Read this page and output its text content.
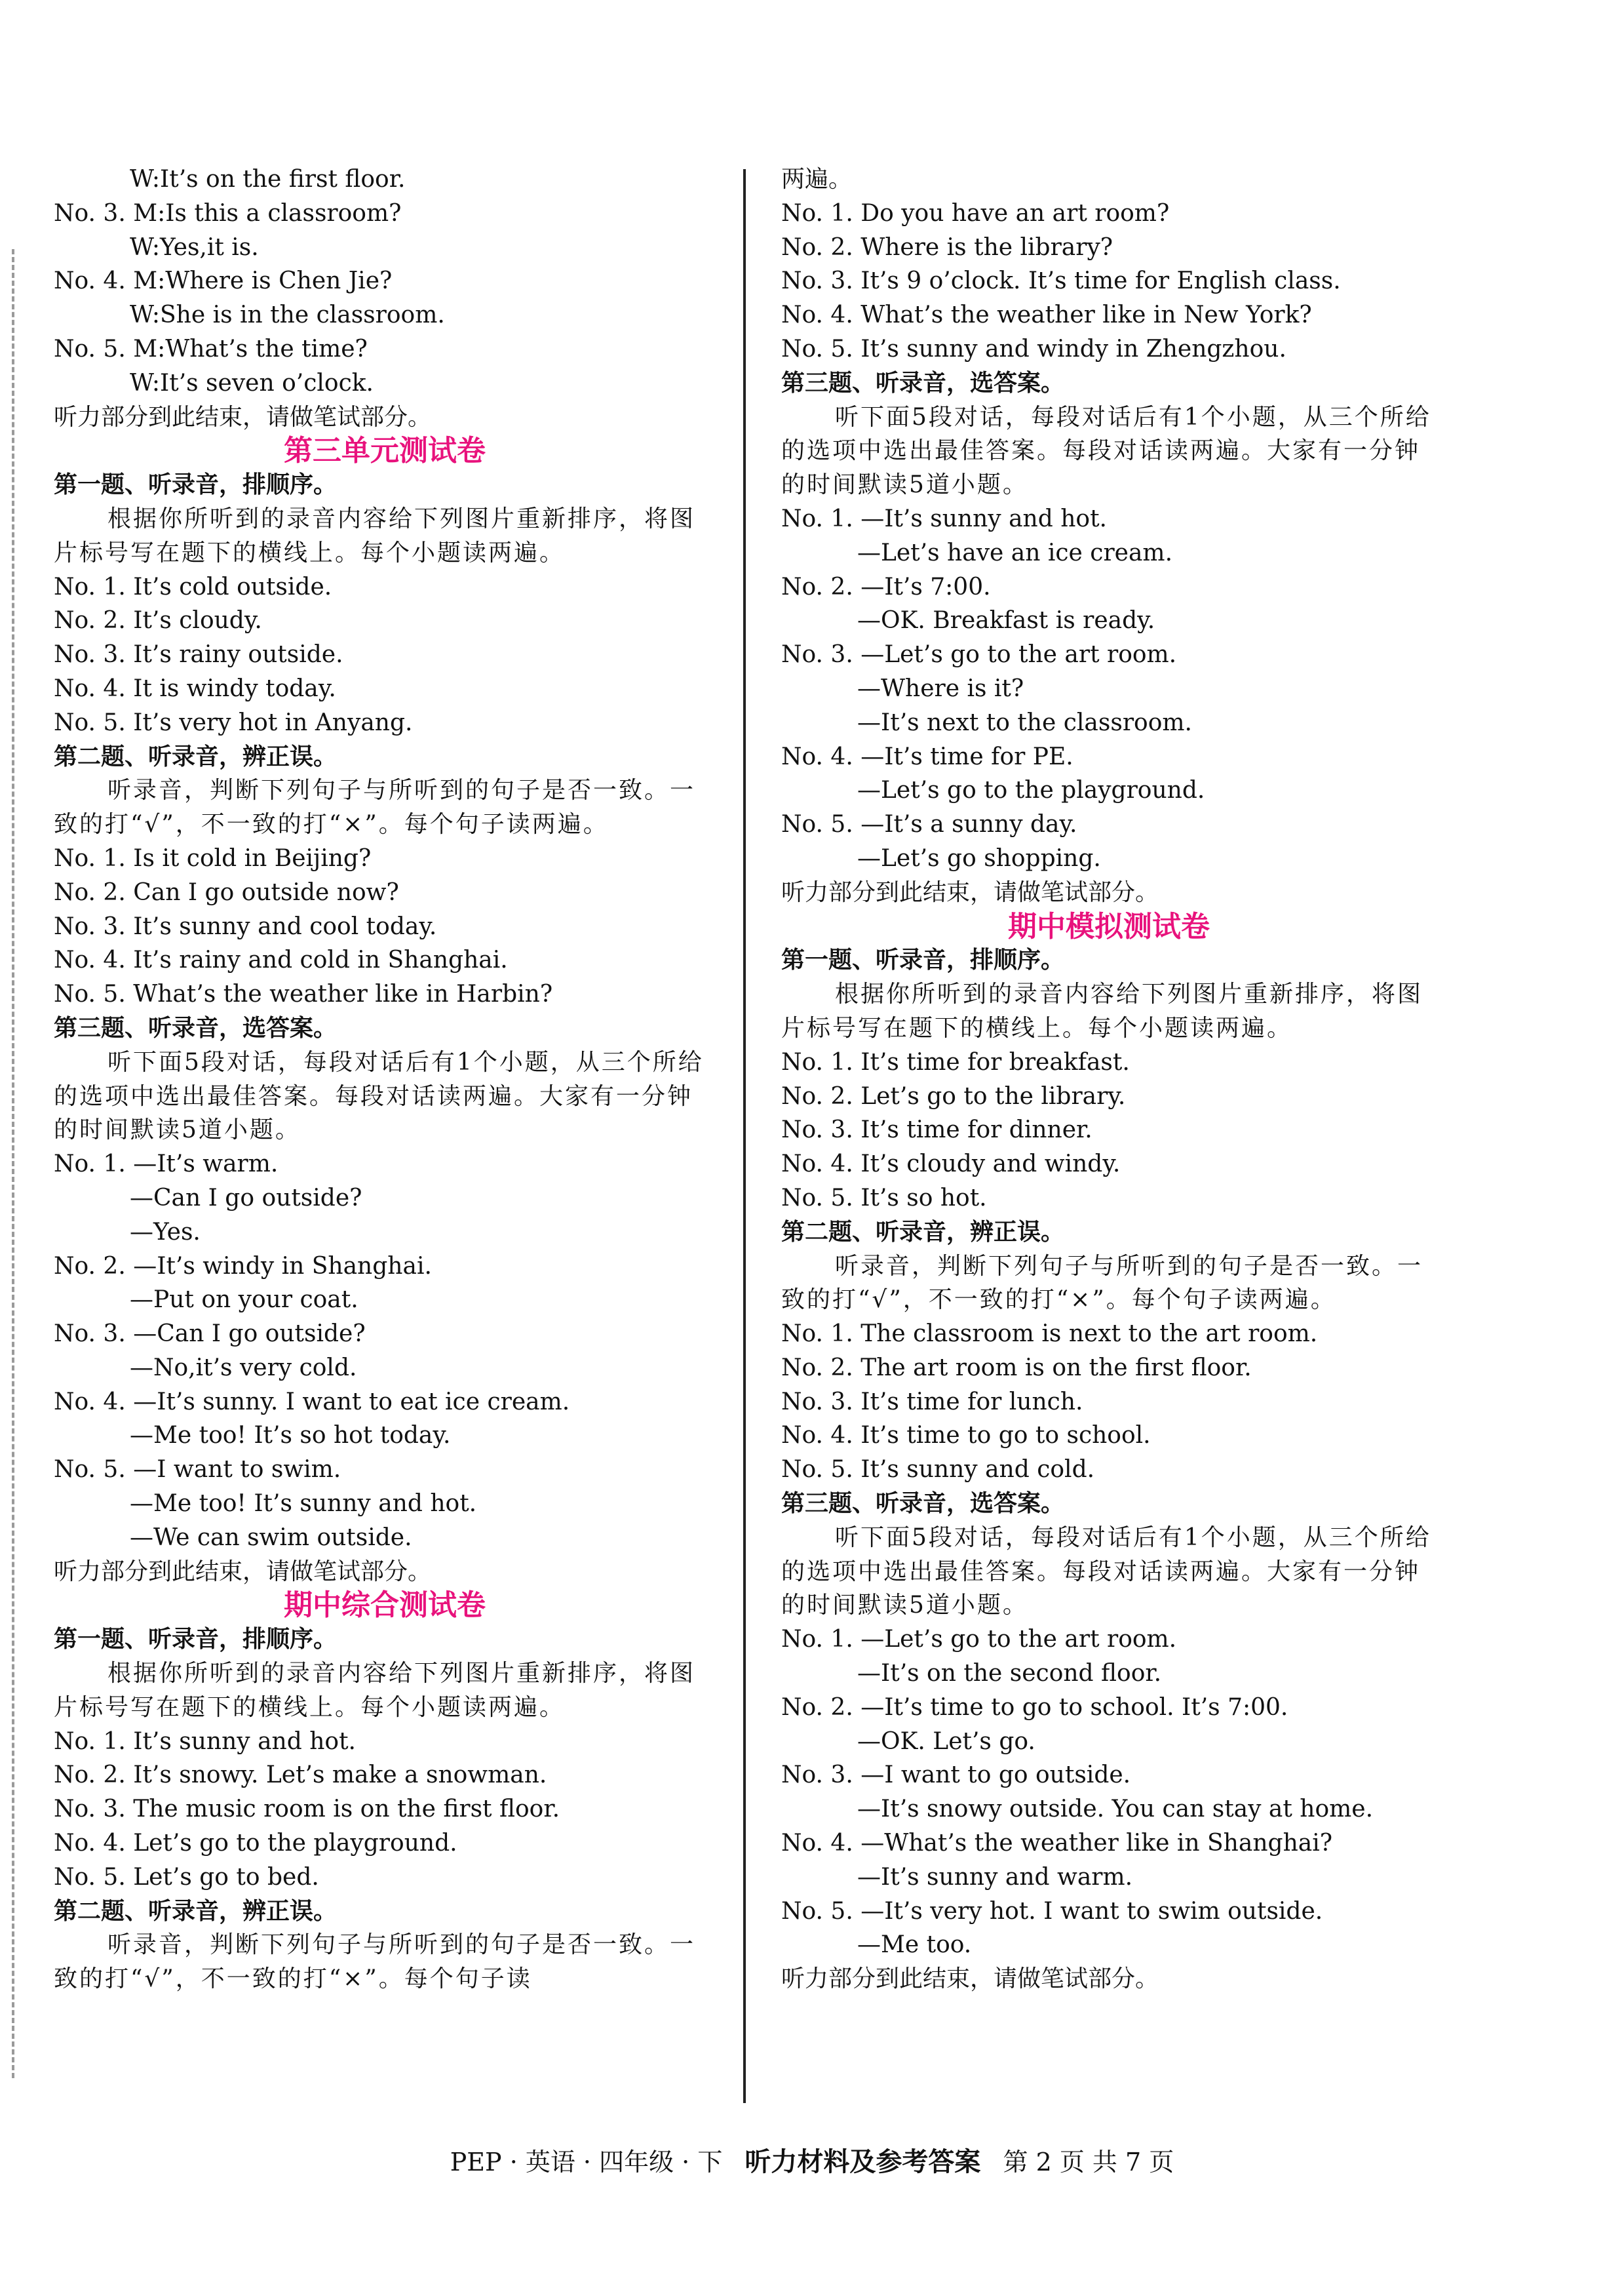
W:It’s on the first floor.
No. 3. M:Is this a classroom?
W:Yes,it is.
No. 4. M:Where is Chen Jie?
W:She is in the classroom.
No. 5. M:What’s the time?
W:It’s seven o’clock.
听力部分到此结束，请做笔试部分。
第三单元测试卷
第一题、听录音，排顺序。
根据你所听到的录音内容给下列图片重新排序，将图片标号写在题下的横线上。每个小题读两遍。
No. 1. It’s cold outside.
No. 2. It’s cloudy.
No. 3. It’s rainy outside.
No. 4. It is windy today.
No. 5. It’s very hot in Anyang.
第二题、听录音，辨正误。
听录音，判断下列句子与所听到的句子是否一致。一致的打“√”，不一致的打“×”。每个句子读两遍。
No. 1. Is it cold in Beijing?
No. 2. Can I go outside now?
No. 3. It’s sunny and cool today.
No. 4. It’s rainy and cold in Shanghai.
No. 5. What’s the weather like in Harbin?
第三题、听录音，选答案。
听下面5段对话，每段对话后有1个小题，从三个所给的选项中选出最佳答案。每段对话读两遍。大家有一分钟的时间默读5道小题。
No. 1. —It’s warm.
—Can I go outside?
—Yes.
No. 2. —It’s windy in Shanghai.
—Put on your coat.
No. 3. —Can I go outside?
—No,it’s very cold.
No. 4. —It’s sunny. I want to eat ice cream.
—Me too! It’s so hot today.
No. 5. —I want to swim.
—Me too! It’s sunny and hot.
—We can swim outside.
听力部分到此结束，请做笔试部分。
期中综合测试卷
第一题、听录音，排顺序。
根据你所听到的录音内容给下列图片重新排序，将图片标号写在题下的横线上。每个小题读两遍。
No. 1. It’s sunny and hot.
No. 2. It’s snowy. Let’s make a snowman.
No. 3. The music room is on the first floor.
No. 4. Let’s go to the playground.
No. 5. Let’s go to bed.
第二题、听录音，辨正误。
听录音，判断下列句子与所听到的句子是否一致。一致的打“√”，不一致的打“×”。每个句子读
两遍。
No. 1. Do you have an art room?
No. 2. Where is the library?
No. 3. It’s 9 o’clock. It’s time for English class.
No. 4. What’s the weather like in New York?
No. 5. It’s sunny and windy in Zhengzhou.
第三题、听录音，选答案。
听下面5段对话，每段对话后有1个小题，从三个所给的选项中选出最佳答案。每段对话读两遍。大家有一分钟的时间默读5道小题。
No. 1. —It’s sunny and hot.
—Let’s have an ice cream.
No. 2. —It’s 7:00.
—OK. Breakfast is ready.
No. 3. —Let’s go to the art room.
—Where is it?
—It’s next to the classroom.
No. 4. —It’s time for PE.
—Let’s go to the playground.
No. 5. —It’s a sunny day.
—Let’s go shopping.
听力部分到此结束，请做笔试部分。
期中模拟测试卷
第一题、听录音，排顺序。
根据你所听到的录音内容给下列图片重新排序，将图片标号写在题下的横线上。每个小题读两遍。
No. 1. It’s time for breakfast.
No. 2. Let’s go to the library.
No. 3. It’s time for dinner.
No. 4. It’s cloudy and windy.
No. 5. It’s so hot.
第二题、听录音，辨正误。
听录音，判断下列句子与所听到的句子是否一致。一致的打“√”，不一致的打“×”。每个句子读两遍。
No. 1. The classroom is next to the art room.
No. 2. The art room is on the first floor.
No. 3. It’s time for lunch.
No. 4. It’s time to go to school.
No. 5. It’s sunny and cold.
第三题、听录音，选答案。
听下面5段对话，每段对话后有1个小题，从三个所给的选项中选出最佳答案。每段对话读两遍。大家有一分钟的时间默读5道小题。
No. 1. —Let’s go to the art room.
—It’s on the second floor.
No. 2. —It’s time to go to school. It’s 7:00.
—OK. Let’s go.
No. 3. —I want to go outside.
—It’s snowy outside. You can stay at home.
No. 4. —What’s the weather like in Shanghai?
—It’s sunny and warm.
No. 5. —It’s very hot. I want to swim outside.
—Me too.
听力部分到此结束，请做笔试部分。
PEP · 英语 · 四年级 · 下 听力材料及参考答案 第 2 页 共 7 页
